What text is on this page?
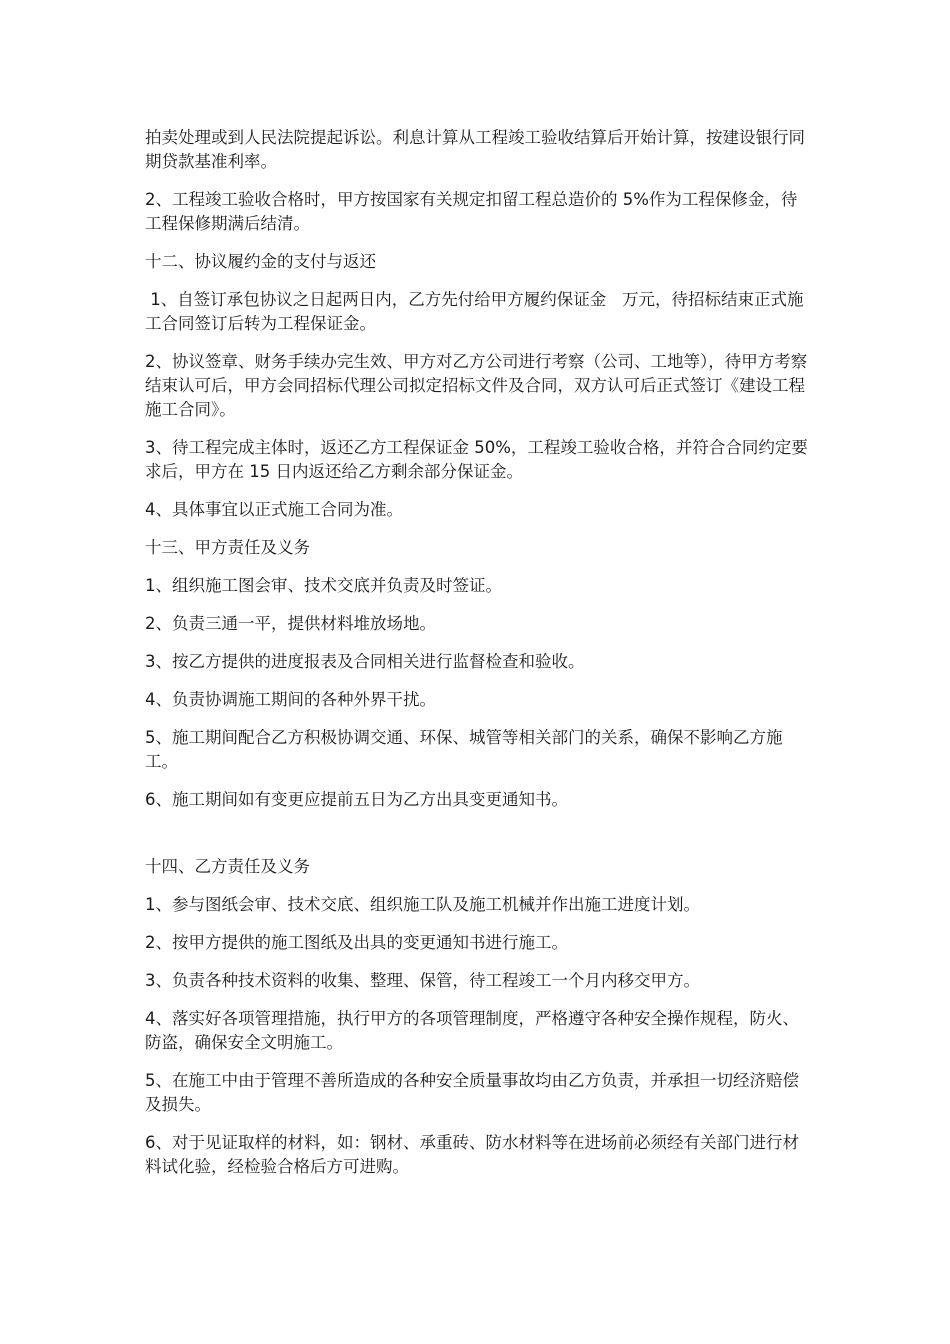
拍卖处理或到人民法院提起诉讼。利息计算从工程竣工验收结算后开始计算，按建设银行同期贷款基准利率。

2、工程竣工验收合格时，甲方按国家有关规定扣留工程总造价的 5%作为工程保修金，待工程保修期满后结清。

十二、协议履约金的支付与返还

1、自签订承包协议之日起两日内，乙方先付给甲方履约保证金   万元，待招标结束正式施工合同签订后转为工程保证金。

2、协议签章、财务手续办完生效、甲方对乙方公司进行考察（公司、工地等），待甲方考察结束认可后，甲方会同招标代理公司拟定招标文件及合同，双方认可后正式签订《建设工程施工合同》。

3、待工程完成主体时，返还乙方工程保证金 50%，工程竣工验收合格，并符合合同约定要求后，甲方在 15 日内返还给乙方剩余部分保证金。

4、具体事宜以正式施工合同为准。

十三、甲方责任及义务

1、组织施工图会审、技术交底并负责及时签证。

2、负责三通一平，提供材料堆放场地。

3、按乙方提供的进度报表及合同相关进行监督检查和验收。

4、负责协调施工期间的各种外界干扰。

5、施工期间配合乙方积极协调交通、环保、城管等相关部门的关系，确保不影响乙方施工。

6、施工期间如有变更应提前五日为乙方出具变更通知书。

十四、乙方责任及义务

1、参与图纸会审、技术交底、组织施工队及施工机械并作出施工进度计划。

2、按甲方提供的施工图纸及出具的变更通知书进行施工。

3、负责各种技术资料的收集、整理、保管，待工程竣工一个月内移交甲方。

4、落实好各项管理措施，执行甲方的各项管理制度，严格遵守各种安全操作规程，防火、防盗，确保安全文明施工。

5、在施工中由于管理不善所造成的各种安全质量事故均由乙方负责，并承担一切经济赔偿及损失。

6、对于见证取样的材料，如：钢材、承重砖、防水材料等在进场前必须经有关部门进行材料试化验，经检验合格后方可进购。
